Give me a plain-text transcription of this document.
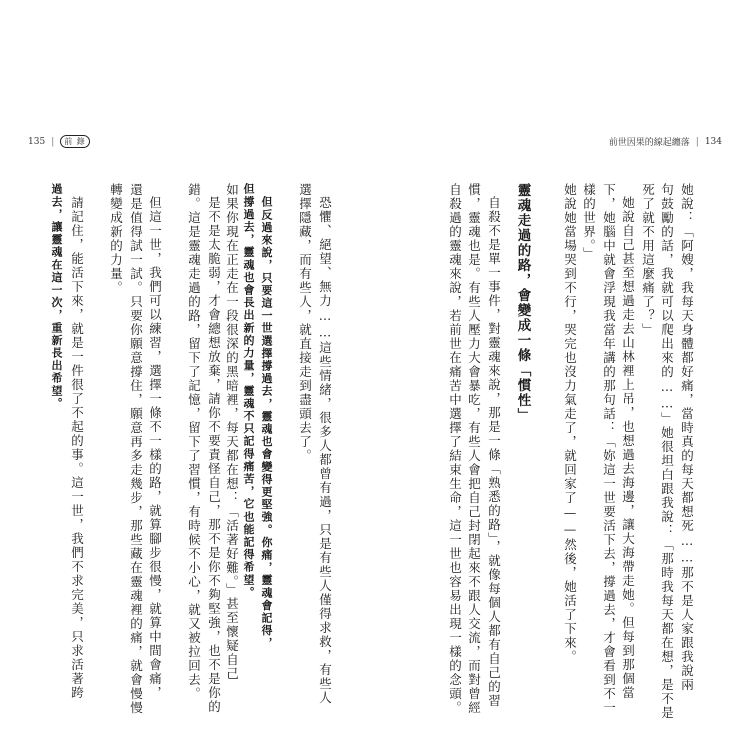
135 |	前 錄	前世因果的線起纏落 | 134
她說：「阿嫂，我每天身體都好痛，當時真的每天都想死……那不是人家跟我說兩
句鼓勵的話，我就可以爬出來的……」她很坦白跟我說：「那時我每天都在想，是不是
死了就不用這麼痛了？」
她說自己甚至想過走去山林裡上吊，也想過去海邊，讓大海帶走她。但每到那個當
下，她腦中就會浮現我當年講的那句話：「妳這一世要活下去，撐過去，才會看到不一
樣的世界。」
她說她當場哭到不行，哭完也沒力氣走了，就回家了——然後，她活了下來。
靈魂走過的路，會變成一條「慣性」
自殺不是單一事件，對靈魂來說，那是一條「熟悉的路」，就像每個人都有自己的習
慣，靈魂也是。有些人壓力大會暴吃，有些人會把自己封閉起來不跟人交流，而對曾經
自殺過的靈魂來說，若前世在痛苦中選擇了結束生命，這一世也容易出現一樣的念頭。
恐懼、絕望、無力……這些情緒，很多人都曾有過，只是有些人僅得求救，有些人
選擇隱藏，而有些人，就直接走到盡頭去了。
但反過來說，只要這一世選擇撐過去，靈魂也會變得更堅強。你痛，靈魂會記得，
但撐過去，靈魂也會長出新的力量，靈魂不只記得痛苦，它也能記得希望。
如果你現在正走在一段很深的黑暗裡，每天都在想：「活著好難。」甚至懷疑自己
是不是太脆弱，才會總想放棄，請你不要責怪自己，那不是你不夠堅強，也不是你的
錯。這是靈魂走過的路，留下了記憶，留下了習慣，有時候不小心，就又被拉回去。
但這一世，我們可以練習，選擇一條不一樣的路，就算腳步很慢，就算中間會痛，
還是值得試一試。只要你願意撐住，願意再多走幾步，那些藏在靈魂裡的痛，就會慢慢
轉變成新的力量。
請記住，能活下來，就是一件很了不起的事。這一世，我們不求完美，只求活著跨
過去，讓靈魂在這一次，重新長出希望。
